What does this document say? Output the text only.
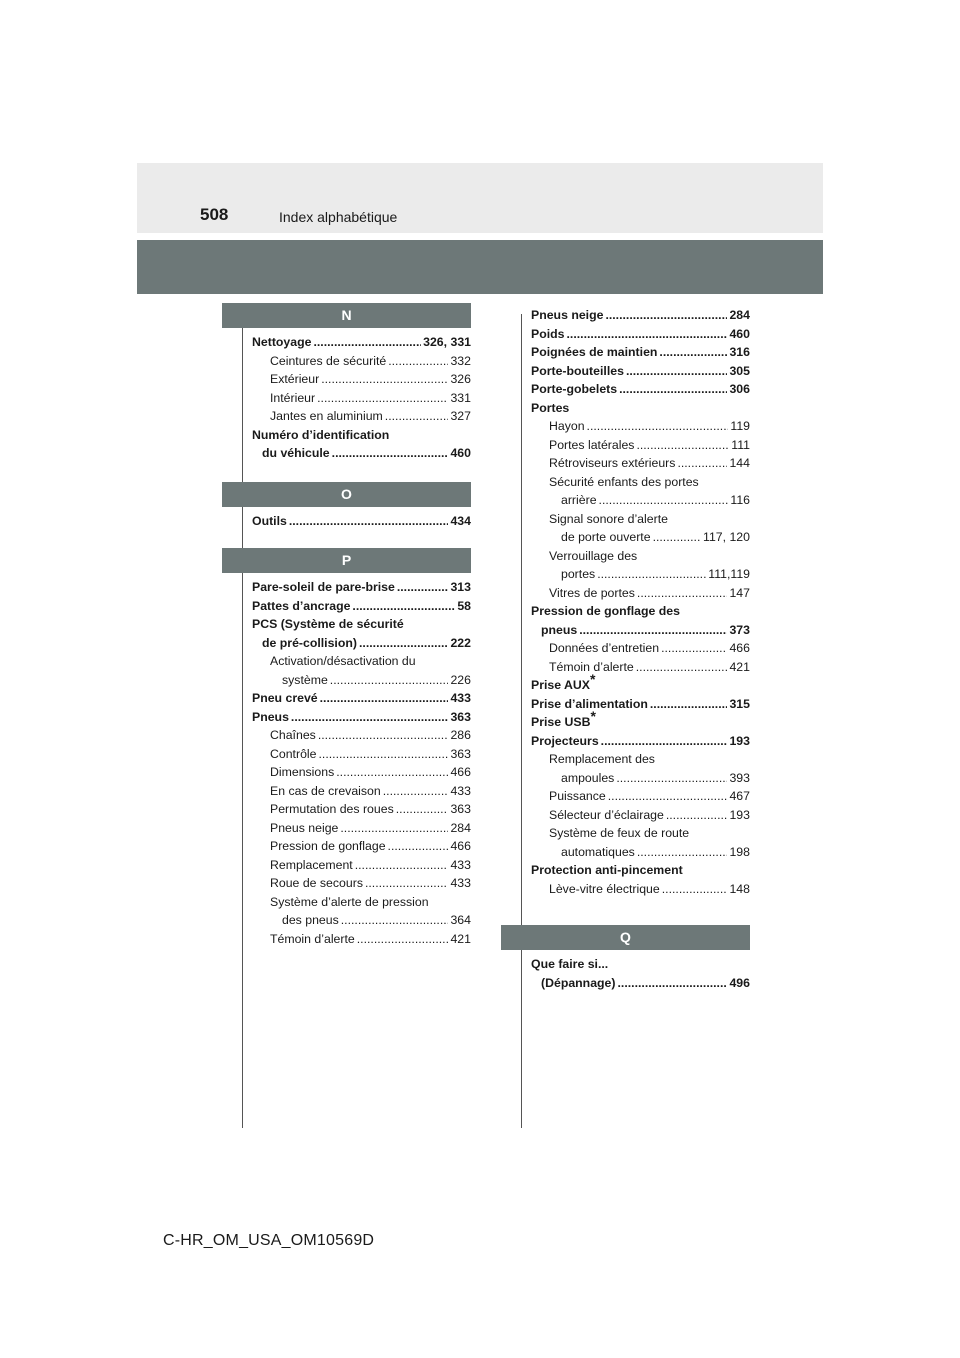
508	Index alphabétique
N
Nettoyage .....	326, 331
Ceintures de sécurité .....	332
Extérieur .....	326
Intérieur .....	331
Jantes en aluminium .....	327
Numéro d’identification
du véhicule .....	460
O
Outils .....	434
P
Pare-soleil de pare-brise .....	313
Pattes d’ancrage .....	58
PCS (Système de sécurité
de pré-collision) .....	222
Activation/désactivation du
système .....	226
Pneu crevé .....	433
Pneus .....	363
Chaînes .....	286
Contrôle .....	363
Dimensions .....	466
En cas de crevaison .....	433
Permutation des roues .....	363
Pneus neige .....	284
Pression de gonflage .....	466
Remplacement .....	433
Roue de secours .....	433
Système d’alerte de pression
des pneus .....	364
Témoin d’alerte .....	421
Pneus neige .....	284
Poids .....	460
Poignées de maintien .....	316
Porte-bouteilles .....	305
Porte-gobelets .....	306
Portes
Hayon .....	119
Portes latérales .....	111
Rétroviseurs extérieurs .....	144
Sécurité enfants des portes
arrière .....	116
Signal sonore d’alerte
de porte ouverte .....	117, 120
Verrouillage des
portes .....	111,119
Vitres de portes .....	147
Pression de gonflage des
pneus .....	373
Données d’entretien .....	466
Témoin d’alerte .....	421
Prise AUX*
Prise d’alimentation .....	315
Prise USB*
Projecteurs .....	193
Remplacement des
ampoules .....	393
Puissance .....	467
Sélecteur d’éclairage .....	193
Système de feux de route
automatiques .....	198
Protection anti-pincement
Lève-vitre électrique .....	148
Q
Que faire si...
(Dépannage) .....	496
C-HR_OM_USA_OM10569D
